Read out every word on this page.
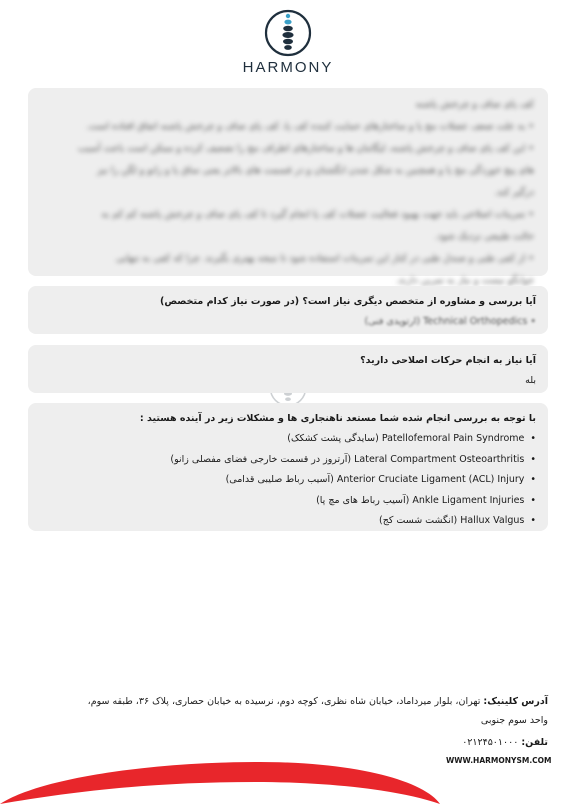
HARMONY
کف پای صاف و چرخش پاشنه
• به علت ضعف عضلات مچ پا و ساختارهای حمایت کننده کف پا، کف پای صاف و چرخش پاشنه اتفاق افتاده است.
• این کف پای صاف و چرخش پاشنه، لیگامان ها و ساختارهای اطراف مچ را تضعیف کرده و ممکن است باعث آسیب
های پیچ خوردگی مچ پا و همچنین به شکل شدن انگشتان و در قسمت های بالاتر یعنی ساق پا و زانو و لگن را نیز
درگیر کند.
• تمرینات اصلاحی باید جهت بهبود فعالیت عضلات کف پا انجام گیرد تا کف پای صاف و چرخش پاشنه کم کم به
حالت طبیعی نزدیک شود.
• از کفی طبی و صندل طبی در کنار این تمرینات استفاده شود تا نتیجه بهتری بگیرند. چرا که کفی به تنهایی
جوابگو نیست و نیاز به تمرین دارند.
آیا بررسی و مشاوره از متخصص دیگری نیاز است؟ (در صورت نیاز کدام متخصص)
• Technical Orthopedics (ارتوپدی فنی)
آیا نیاز به انجام حرکات اصلاحی دارید؟
بله
با توجه به بررسی انجام شده شما مستعد ناهنجاری ها و مشکلات زیر در آینده هستید :
• Patellofemoral Pain Syndrome (سایدگی پشت کشکک)
• Lateral Compartment Osteoarthritis (آرتروز در قسمت خارجی فضای مفصلی زانو)
• Anterior Cruciate Ligament (ACL) Injury (آسیب رباط صلیبی قدامی)
• Ankle Ligament Injuries (آسیب رباط های مچ پا)
• Hallux Valgus (انگشت شست کج)
آدرس کلینیک: تهران، بلوار میرداماد، خیابان شاه نظری، کوچه دوم، نرسیده به خیابان حصاری، پلاک ۳۶، طبقه سوم،
واحد سوم جنوبی
تلفن: ۰۲۱۲۴۵۰۱۰۰۰
WWW.HARMONYSM.COM
